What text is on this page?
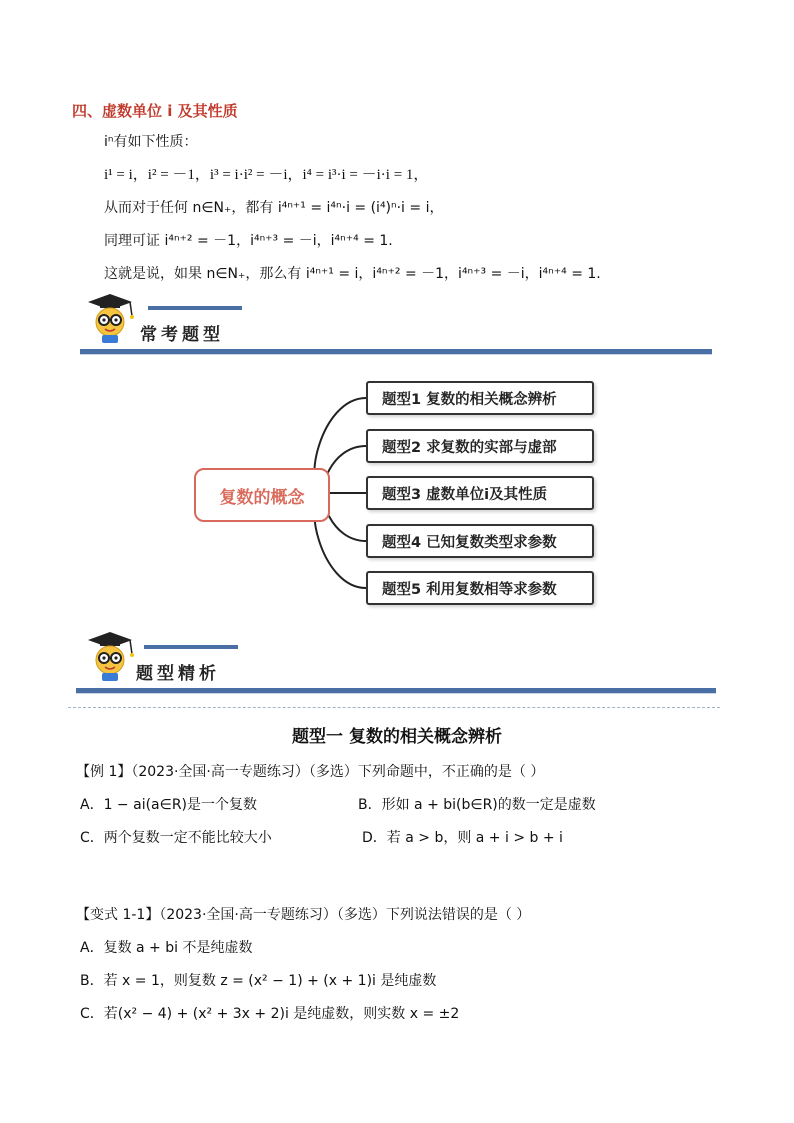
四、虚数单位 i 及其性质
iⁿ有如下性质：
i¹ = i，i² = －1，i³ = i·i² = －i，i⁴ = i³·i = －i·i = 1，
从而对于任何 n∈N₊，都有 i⁴ⁿ⁺¹ = i⁴ⁿ·i = (i⁴)ⁿ·i = i，
同理可证 i⁴ⁿ⁺² = －1，i⁴ⁿ⁺³ = －i，i⁴ⁿ⁺⁴ = 1.
这就是说，如果 n∈N₊，那么有 i⁴ⁿ⁺¹ = i，i⁴ⁿ⁺² = －1，i⁴ⁿ⁺³ = －i，i⁴ⁿ⁺⁴ = 1.
常考题型
复数的概念
题型1 复数的相关概念辨析
题型2 求复数的实部与虚部
题型3 虚数单位i及其性质
题型4 已知复数类型求参数
题型5 利用复数相等求参数
题型精析
题型一 复数的相关概念辨析
【例 1】（2023·全国·高一专题练习）（多选）下列命题中，不正确的是（ ）
A．1 − ai(a∈R)是一个复数	B．形如 a + bi(b∈R)的数一定是虚数
C．两个复数一定不能比较大小	D．若 a > b，则 a + i > b + i
【变式 1-1】（2023·全国·高一专题练习）（多选）下列说法错误的是（ ）
A．复数 a + bi 不是纯虚数
B．若 x = 1，则复数 z = (x² − 1) + (x + 1)i 是纯虚数
C．若(x² − 4) + (x² + 3x + 2)i 是纯虚数，则实数 x = ±2
